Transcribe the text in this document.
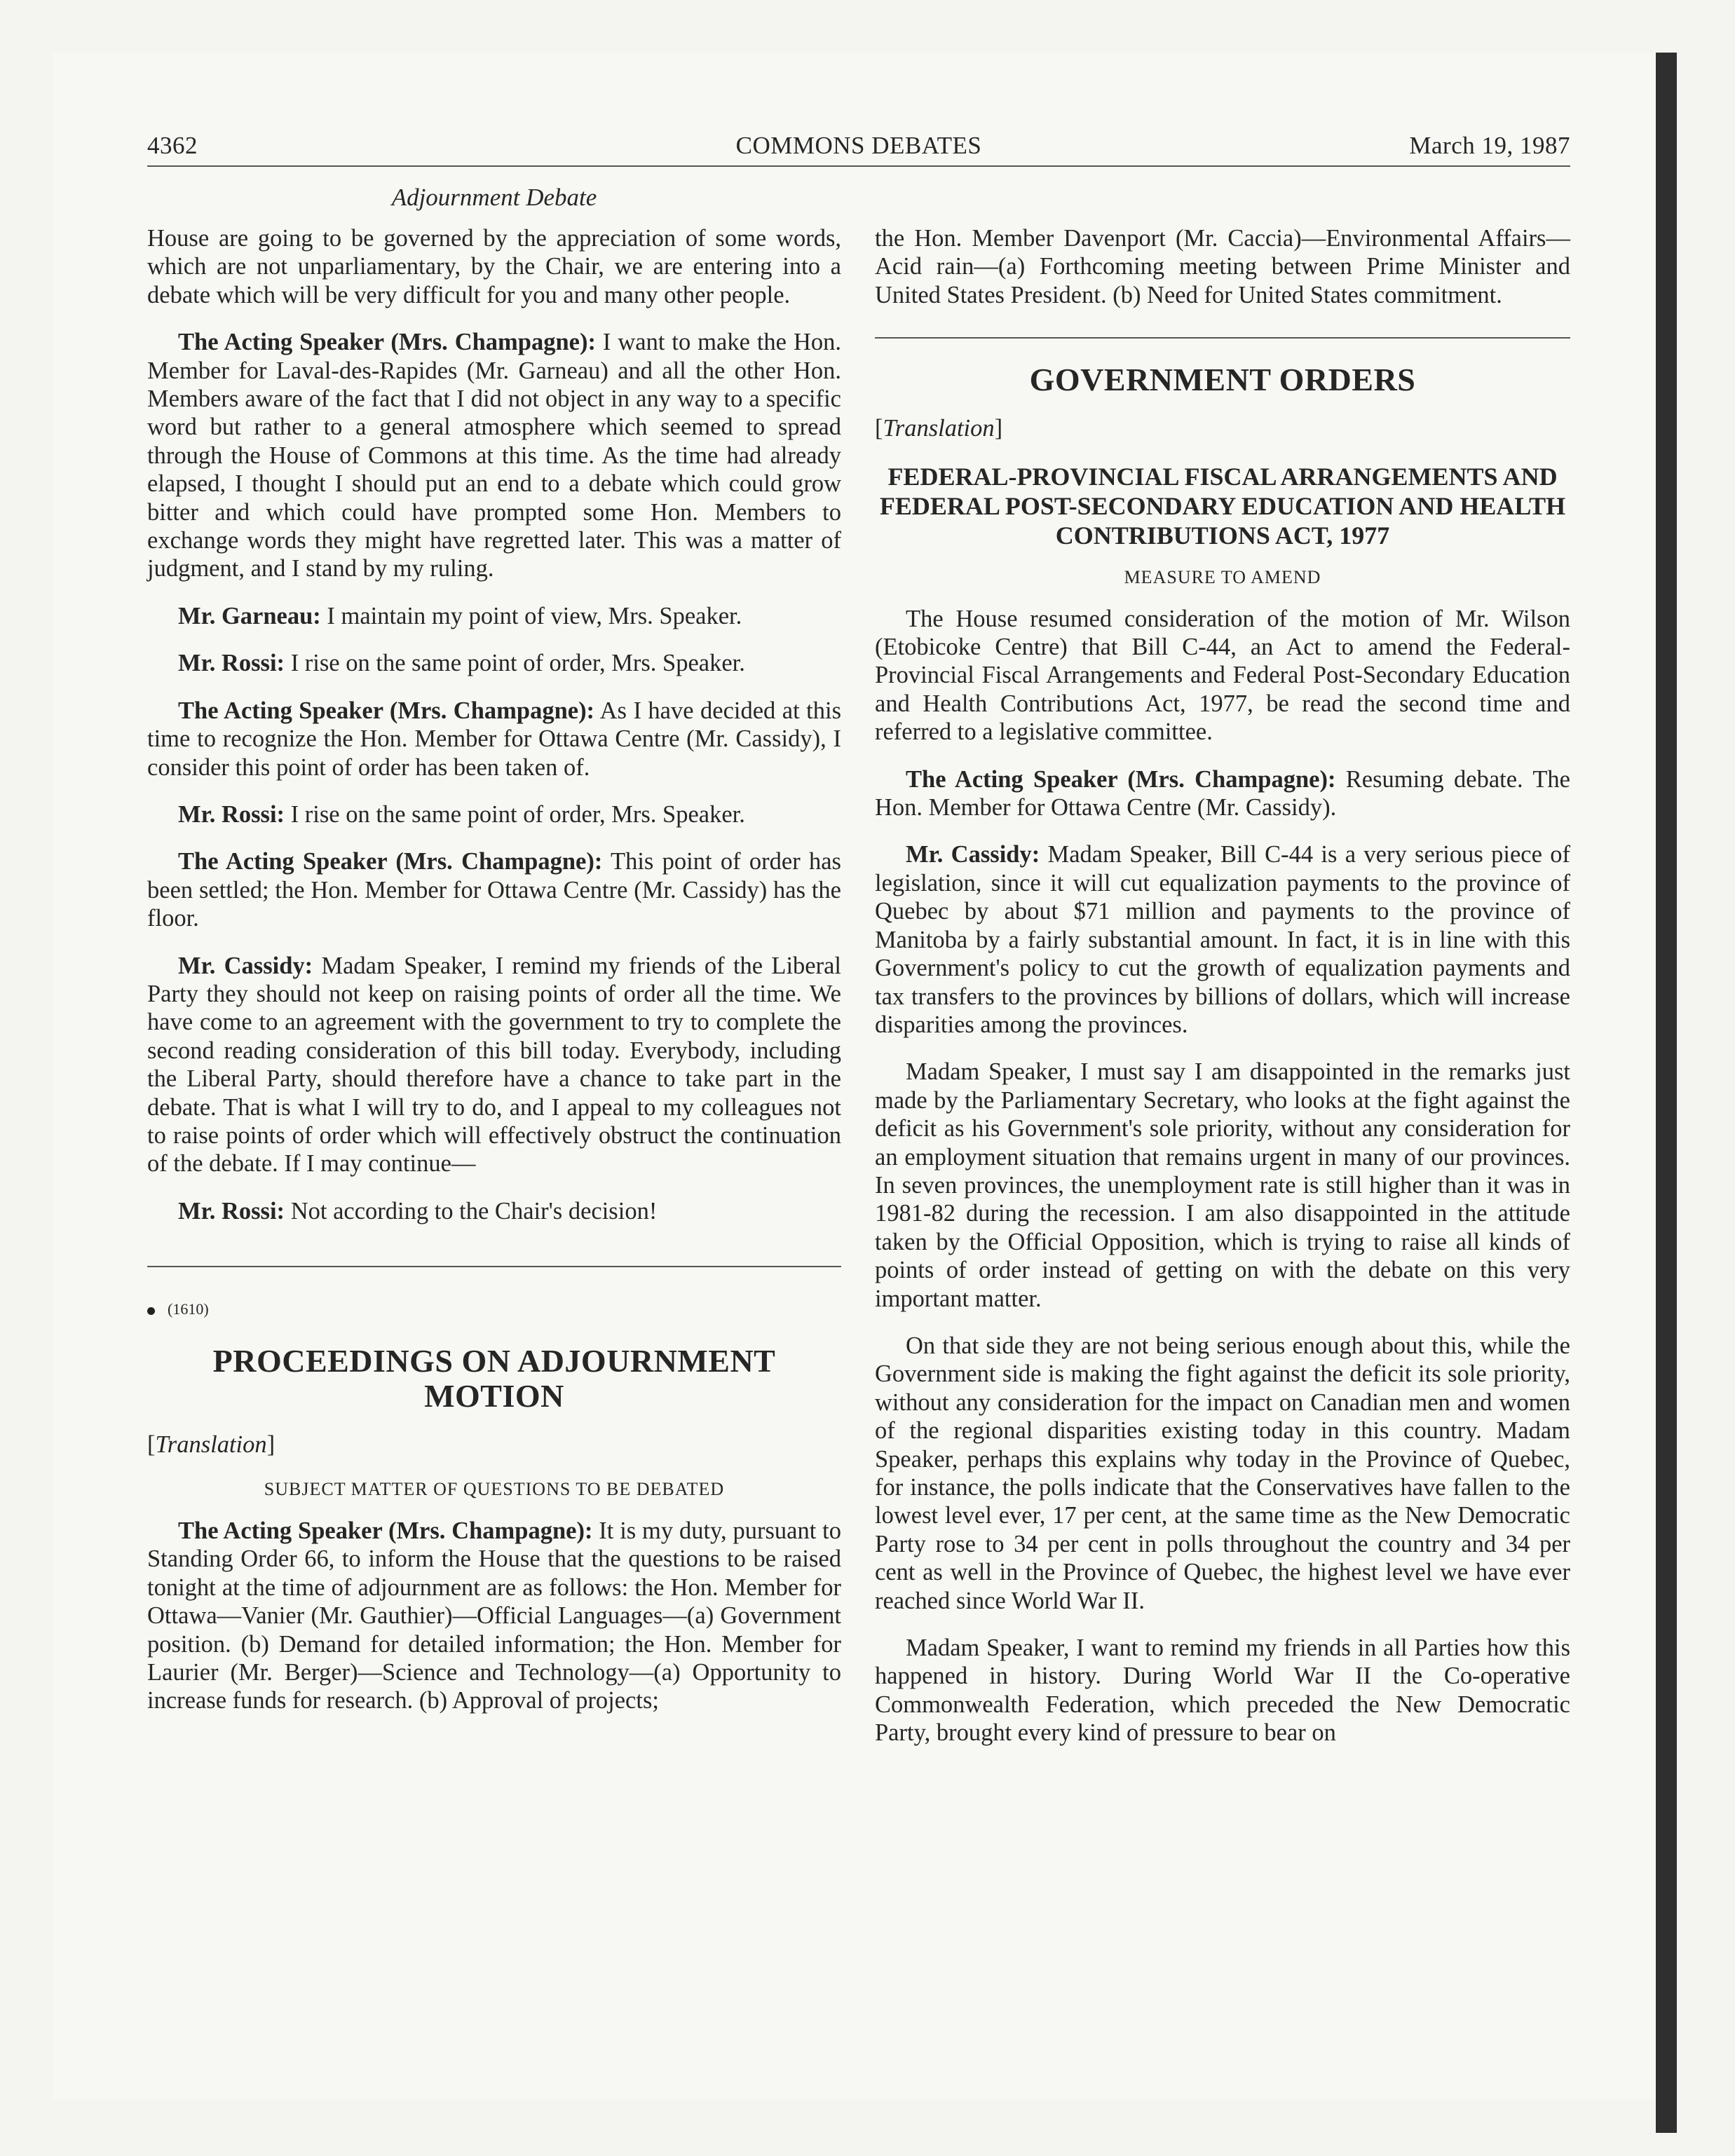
COMMONS DEBATES
4362	March 19, 1987
Adjournment Debate

House are going to be governed by the appreciation of some words, which are not unparliamentary, by the Chair, we are entering into a debate which will be very difficult for you and many other people.

The Acting Speaker (Mrs. Champagne): I want to make the Hon. Member for Laval-des-Rapides (Mr. Garneau) and all the other Hon. Members aware of the fact that I did not object in any way to a specific word but rather to a general atmosphere which seemed to spread through the House of Commons at this time. As the time had already elapsed, I thought I should put an end to a debate which could grow bitter and which could have prompted some Hon. Members to exchange words they might have regretted later. This was a matter of judgment, and I stand by my ruling.

Mr. Garneau: I maintain my point of view, Mrs. Speaker.

Mr. Rossi: I rise on the same point of order, Mrs. Speaker.

The Acting Speaker (Mrs. Champagne): As I have decided at this time to recognize the Hon. Member for Ottawa Centre (Mr. Cassidy), I consider this point of order has been taken of.

Mr. Rossi: I rise on the same point of order, Mrs. Speaker.

The Acting Speaker (Mrs. Champagne): This point of order has been settled; the Hon. Member for Ottawa Centre (Mr. Cassidy) has the floor.

Mr. Cassidy: Madam Speaker, I remind my friends of the Liberal Party they should not keep on raising points of order all the time. We have come to an agreement with the government to try to complete the second reading consideration of this bill today. Everybody, including the Liberal Party, should therefore have a chance to take part in the debate. That is what I will try to do, and I appeal to my colleagues not to raise points of order which will effectively obstruct the continuation of the debate. If I may continue—

Mr. Rossi: Not according to the Chair's decision!

(1610)
PROCEEDINGS ON ADJOURNMENT MOTION

[Translation]

SUBJECT MATTER OF QUESTIONS TO BE DEBATED

The Acting Speaker (Mrs. Champagne): It is my duty, pursuant to Standing Order 66, to inform the House that the questions to be raised tonight at the time of adjournment are as follows: the Hon. Member for Ottawa—Vanier (Mr. Gauthier)—Official Languages—(a) Government position. (b) Demand for detailed information; the Hon. Member for Laurier (Mr. Berger)—Science and Technology—(a) Opportunity to increase funds for research. (b) Approval of projects;

the Hon. Member Davenport (Mr. Caccia)—Environmental Affairs—Acid rain—(a) Forthcoming meeting between Prime Minister and United States President. (b) Need for United States commitment.

GOVERNMENT ORDERS

[Translation]

FEDERAL-PROVINCIAL FISCAL ARRANGEMENTS AND FEDERAL POST-SECONDARY EDUCATION AND HEALTH CONTRIBUTIONS ACT, 1977
MEASURE TO AMEND

The House resumed consideration of the motion of Mr. Wilson (Etobicoke Centre) that Bill C-44, an Act to amend the Federal-Provincial Fiscal Arrangements and Federal Post-Secondary Education and Health Contributions Act, 1977, be read the second time and referred to a legislative committee.

The Acting Speaker (Mrs. Champagne): Resuming debate. The Hon. Member for Ottawa Centre (Mr. Cassidy).

Mr. Cassidy: Madam Speaker, Bill C-44 is a very serious piece of legislation, since it will cut equalization payments to the province of Quebec by about $71 million and payments to the province of Manitoba by a fairly substantial amount. In fact, it is in line with this Government's policy to cut the growth of equalization payments and tax transfers to the provinces by billions of dollars, which will increase disparities among the provinces.

Madam Speaker, I must say I am disappointed in the remarks just made by the Parliamentary Secretary, who looks at the fight against the deficit as his Government's sole priority, without any consideration for an employment situation that remains urgent in many of our provinces. In seven provinces, the unemployment rate is still higher than it was in 1981-82 during the recession. I am also disappointed in the attitude taken by the Official Opposition, which is trying to raise all kinds of points of order instead of getting on with the debate on this very important matter.

On that side they are not being serious enough about this, while the Government side is making the fight against the deficit its sole priority, without any consideration for the impact on Canadian men and women of the regional disparities existing today in this country. Madam Speaker, perhaps this explains why today in the Province of Quebec, for instance, the polls indicate that the Conservatives have fallen to the lowest level ever, 17 per cent, at the same time as the New Democratic Party rose to 34 per cent in polls throughout the country and 34 per cent as well in the Province of Quebec, the highest level we have ever reached since World War II.

Madam Speaker, I want to remind my friends in all Parties how this happened in history. During World War II the Co-operative Commonwealth Federation, which preceded the New Democratic Party, brought every kind of pressure to bear on
